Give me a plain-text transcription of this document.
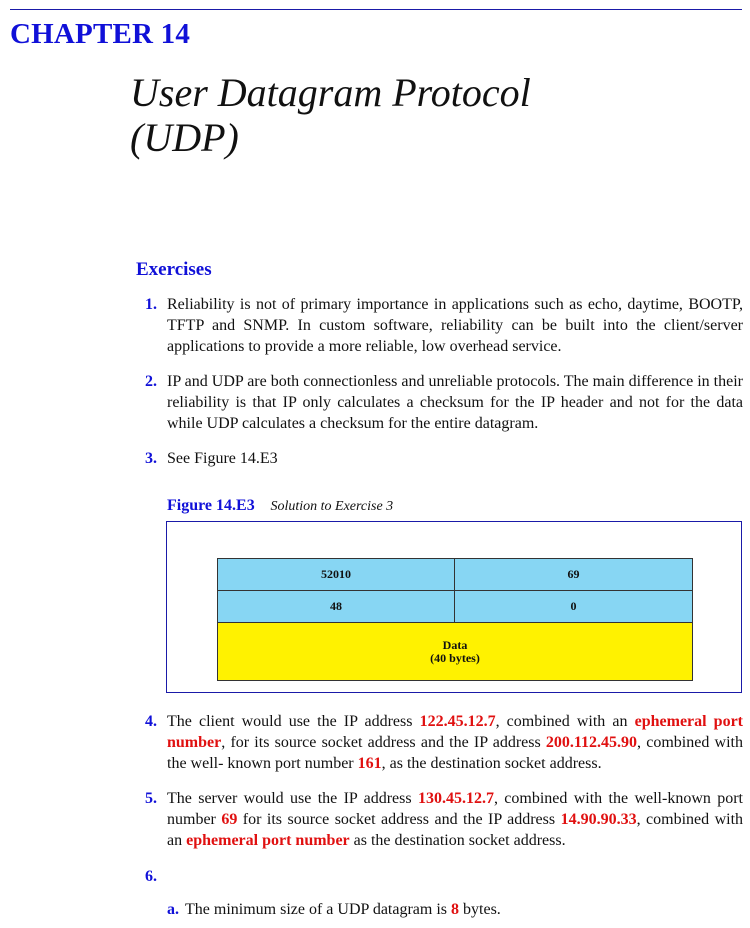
CHAPTER 14
User Datagram Protocol
(UDP)
Exercises
1. Reliability is not of primary importance in applications such as echo, daytime, BOOTP, TFTP and SNMP. In custom software, reliability can be built into the client/server applications to provide a more reliable, low overhead service.
2. IP and UDP are both connectionless and unreliable protocols. The main difference in their reliability is that IP only calculates a checksum for the IP header and not for the data while UDP calculates a checksum for the entire datagram.
3. See Figure 14.E3
Figure 14.E3 Solution to Exercise 3
52010	69
48	0
Data
(40 bytes)
4. The client would use the IP address 122.45.12.7, combined with an ephemeral port number, for its source socket address and the IP address 200.112.45.90, combined with the well- known port number 161, as the destination socket address.
5. The server would use the IP address 130.45.12.7, combined with the well-known port number 69 for its source socket address and the IP address 14.90.90.33, combined with an ephemeral port number as the destination socket address.
6.
a. The minimum size of a UDP datagram is 8 bytes.
